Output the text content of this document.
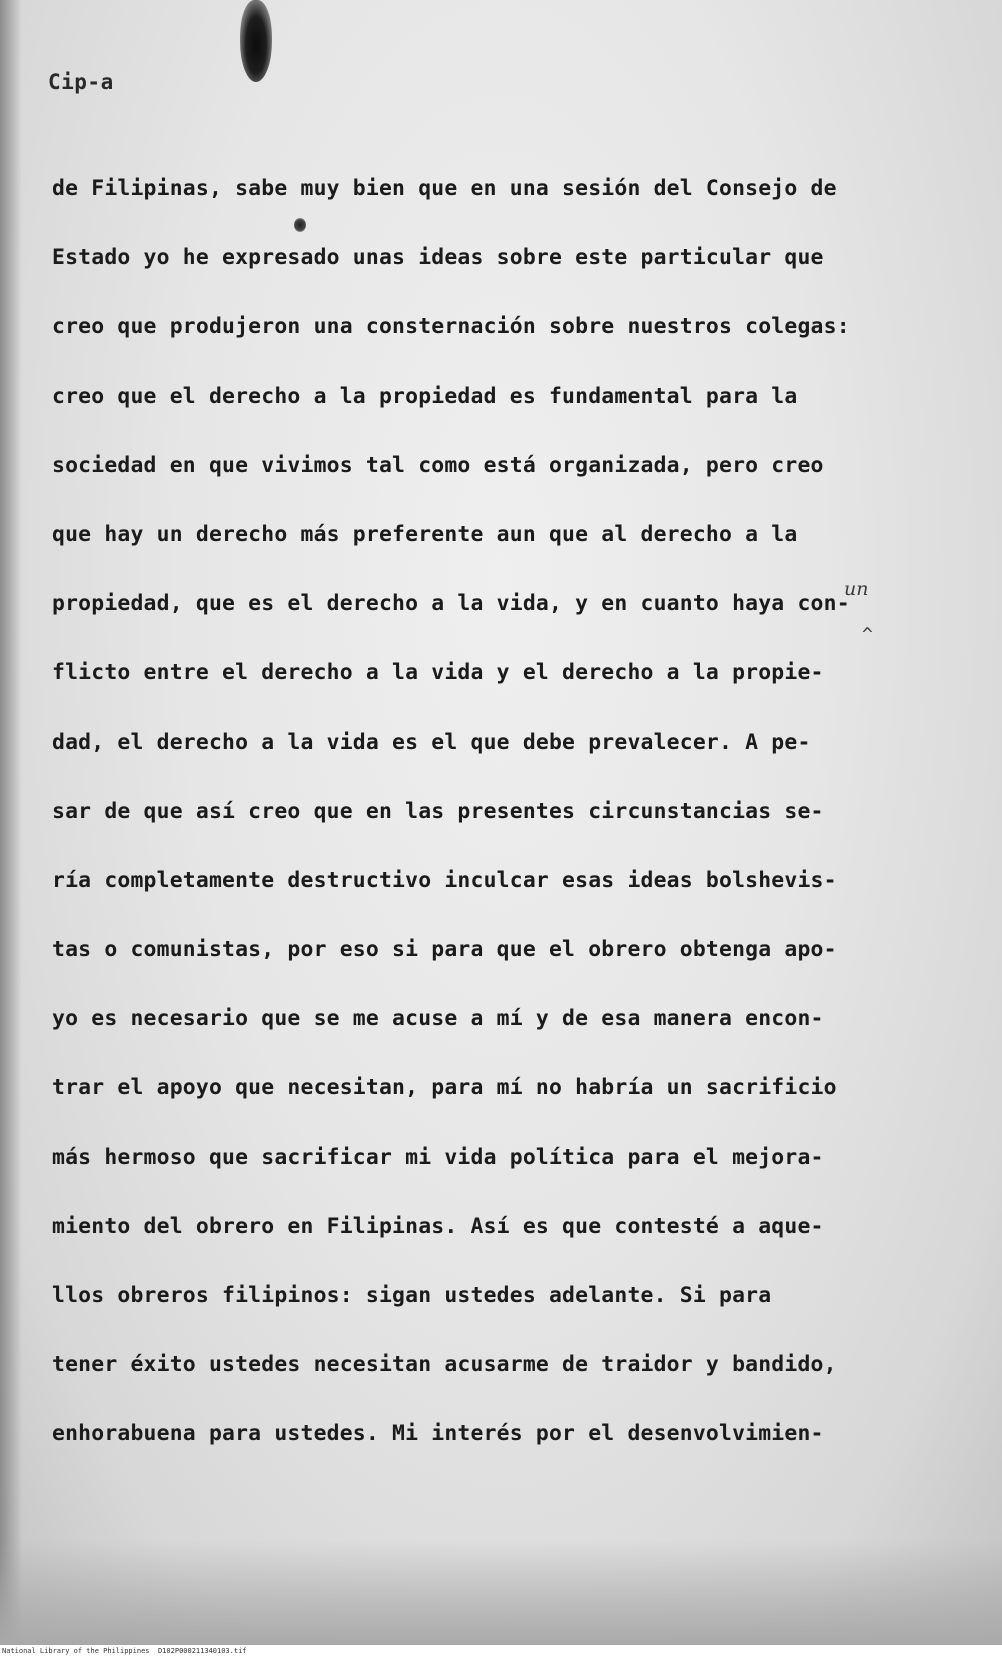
Cip-a
de Filipinas, sabe muy bien que en una sesión del Consejo de
Estado yo he expresado unas ideas sobre este particular que
creo que produjeron una consternación sobre nuestros colegas:
creo que el derecho a la propiedad es fundamental para la
sociedad en que vivimos tal como está organizada, pero creo
que hay un derecho más preferente aun que al derecho a la
propiedad, que es el derecho a la vida, y en cuanto haya con-
flicto entre el derecho a la vida y el derecho a la propie-
dad, el derecho a la vida es el que debe prevalecer. A pe-
sar de que así creo que en las presentes circunstancias se-
ría completamente destructivo inculcar esas ideas bolshevis-
tas o comunistas, por eso si para que el obrero obtenga apo-
yo es necesario que se me acuse a mí y de esa manera encon-
trar el apoyo que necesitan, para mí no habría un sacrificio
más hermoso que sacrificar mi vida política para el mejora-
miento del obrero en Filipinas. Así es que contesté a aque-
llos obreros filipinos: sigan ustedes adelante. Si para
tener éxito ustedes necesitan acusarme de traidor y bandido,
enhorabuena para ustedes. Mi interés por el desenvolvimien-
un
^
National Library of the Philippines D102P000211340103.tif
